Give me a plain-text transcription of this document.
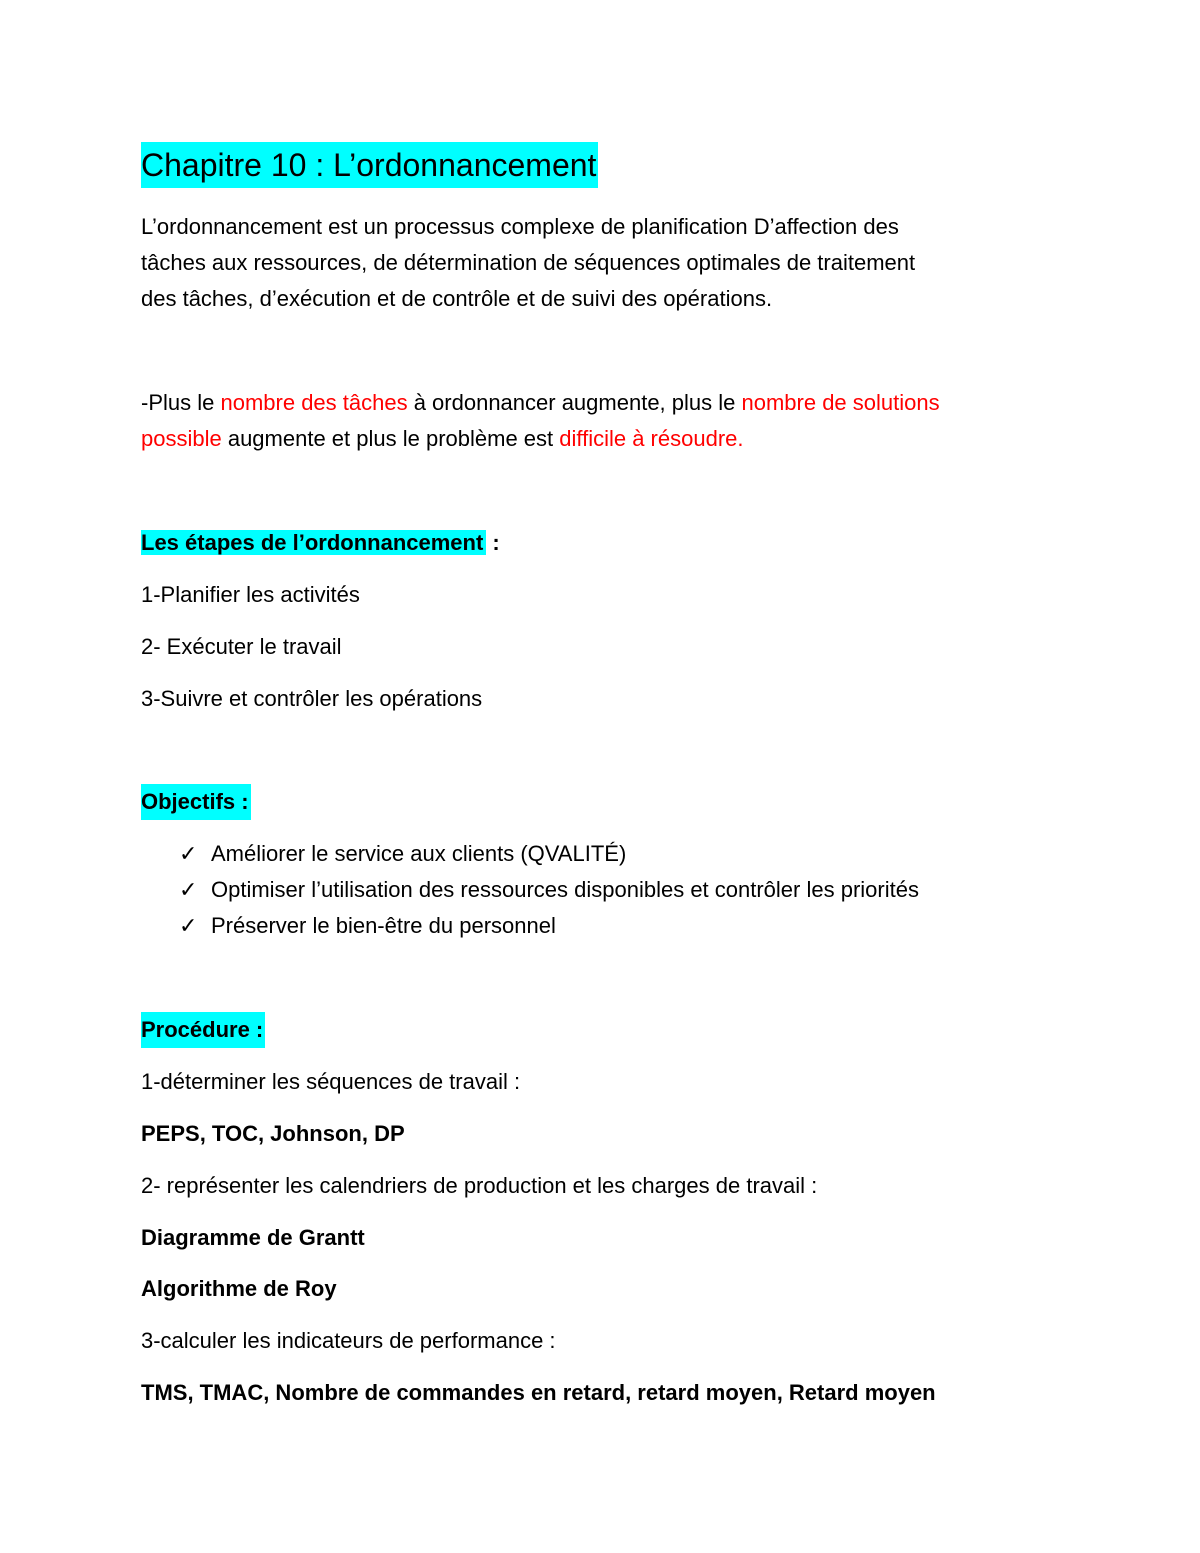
Chapitre 10 : L’ordonnancement
L’ordonnancement est un processus complexe de planification D’affection des
tâches aux ressources, de détermination de séquences optimales de traitement
des tâches, d’exécution et de contrôle et de suivi des opérations.
-Plus le nombre des tâches à ordonnancer augmente, plus le nombre de solutions
possible augmente et plus le problème est difficile à résoudre.
Les étapes de l’ordonnancement :
1-Planifier les activités
2- Exécuter le travail
3-Suivre et contrôler les opérations
Objectifs :
✓ Améliorer le service aux clients (QVALITÉ)
✓ Optimiser l’utilisation des ressources disponibles et contrôler les priorités
✓ Préserver le bien-être du personnel
Procédure :
1-déterminer les séquences de travail :
PEPS, TOC, Johnson, DP
2- représenter les calendriers de production et les charges de travail :
Diagramme de Grantt
Algorithme de Roy
3-calculer les indicateurs de performance :
TMS, TMAC, Nombre de commandes en retard, retard moyen, Retard moyen
